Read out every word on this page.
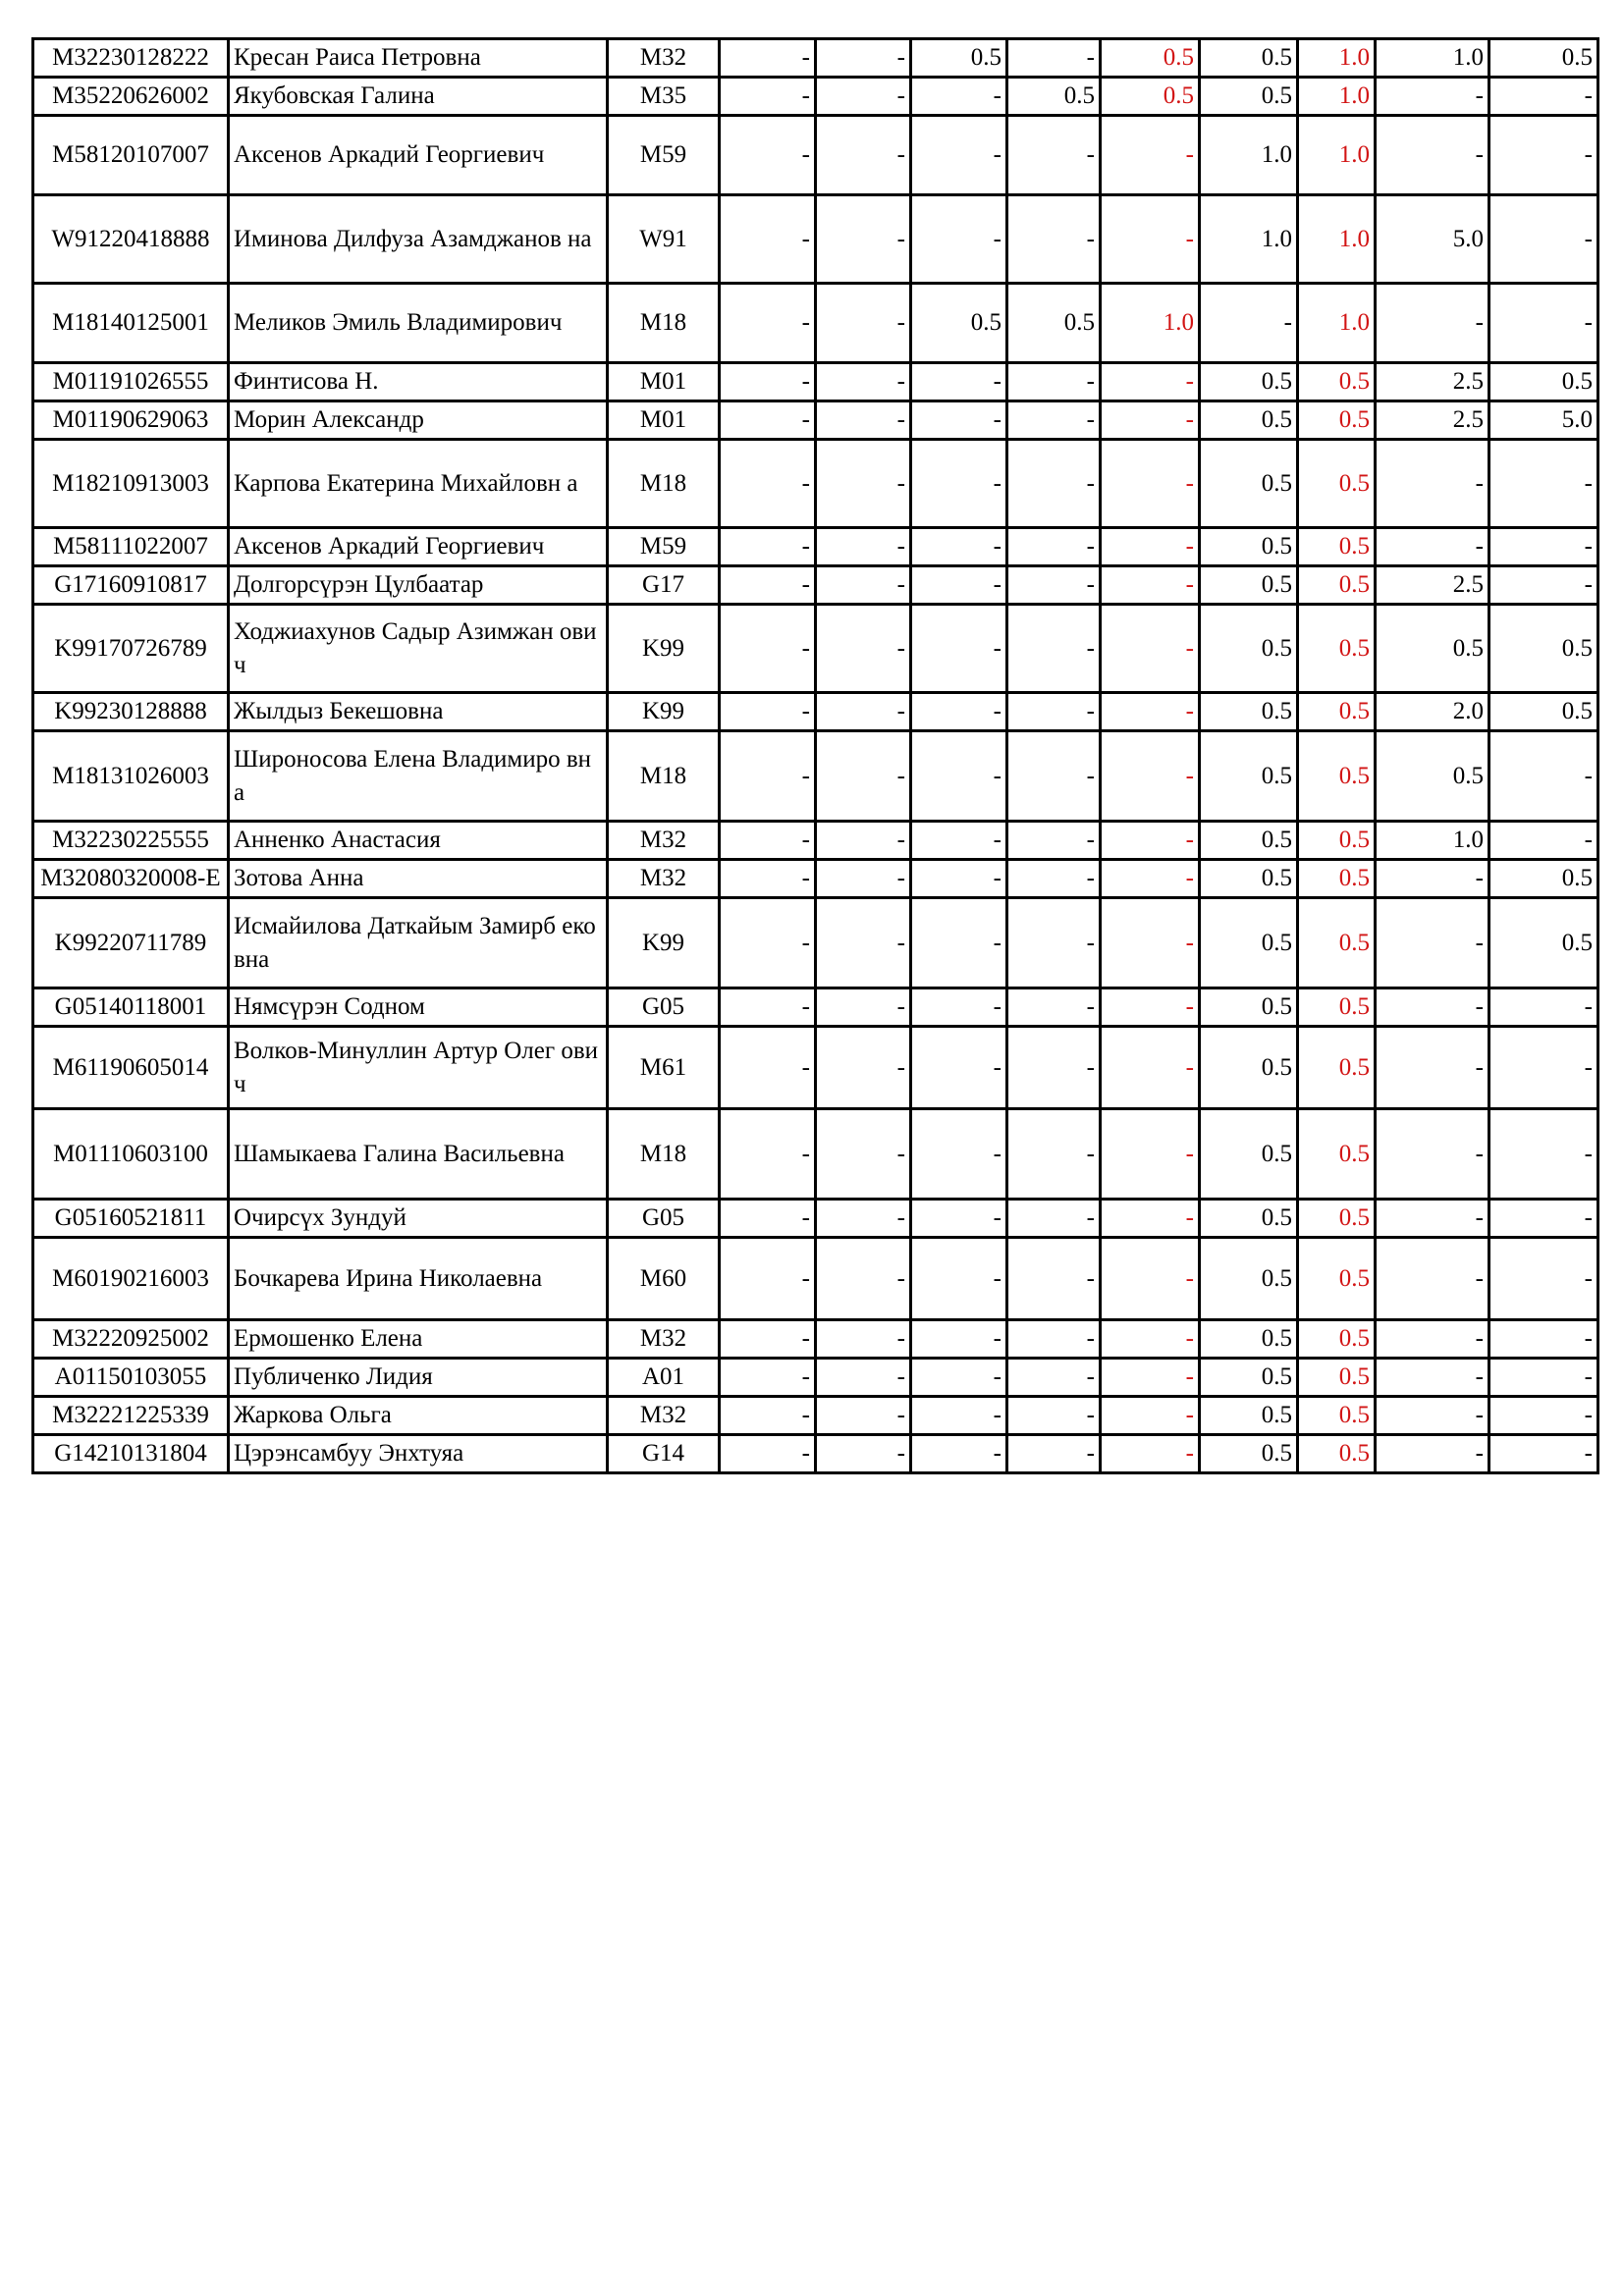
M32230128222	Кресан Раиса Петровна	M32	-	-	0.5	-	0.5	0.5	1.0	1.0	0.5
M35220626002	Якубовская Галина	M35	-	-	-	0.5	0.5	0.5	1.0	-	-
M58120107007	Аксенов Аркадий Георгиевич	M59	-	-	-	-	-	1.0	1.0	-	-
W91220418888	Иминова Дилфуза Азамджанов на	W91	-	-	-	-	-	1.0	1.0	5.0	-
M18140125001	Меликов Эмиль Владимирович	M18	-	-	0.5	0.5	1.0	-	1.0	-	-
M01191026555	Финтисова Н.	M01	-	-	-	-	-	0.5	0.5	2.5	0.5
M01190629063	Морин Александр	M01	-	-	-	-	-	0.5	0.5	2.5	5.0
M18210913003	Карпова Екатерина Михайловн а	M18	-	-	-	-	-	0.5	0.5	-	-
M58111022007	Аксенов Аркадий Георгиевич	M59	-	-	-	-	-	0.5	0.5	-	-
G17160910817	Долгорсүрэн Цулбаатар	G17	-	-	-	-	-	0.5	0.5	2.5	-
K99170726789	Ходжиахунов Садыр Азимжан ович	K99	-	-	-	-	-	0.5	0.5	0.5	0.5
K99230128888	Жылдыз Бекешовна	K99	-	-	-	-	-	0.5	0.5	2.0	0.5
M18131026003	Широносова Елена Владимиро вна	M18	-	-	-	-	-	0.5	0.5	0.5	-
M32230225555	Анненко Анастасия	M32	-	-	-	-	-	0.5	0.5	1.0	-
M32080320008-E	Зотова Анна	M32	-	-	-	-	-	0.5	0.5	-	0.5
K99220711789	Исмайилова Даткайым Замирб ековна	K99	-	-	-	-	-	0.5	0.5	-	0.5
G05140118001	Нямсүрэн Содном	G05	-	-	-	-	-	0.5	0.5	-	-
M61190605014	Волков-Минуллин Артур Олег ович	M61	-	-	-	-	-	0.5	0.5	-	-
M01110603100	Шамыкаева Галина Васильевна	M18	-	-	-	-	-	0.5	0.5	-	-
G05160521811	Очирсүх Зундуй	G05	-	-	-	-	-	0.5	0.5	-	-
M60190216003	Бочкарева Ирина Николаевна	M60	-	-	-	-	-	0.5	0.5	-	-
M32220925002	Ермошенко Елена	M32	-	-	-	-	-	0.5	0.5	-	-
A01150103055	Публиченко Лидия	A01	-	-	-	-	-	0.5	0.5	-	-
M32221225339	Жаркова Ольга	M32	-	-	-	-	-	0.5	0.5	-	-
G14210131804	Цэрэнсамбуу Энхтуяа	G14	-	-	-	-	-	0.5	0.5	-	-
